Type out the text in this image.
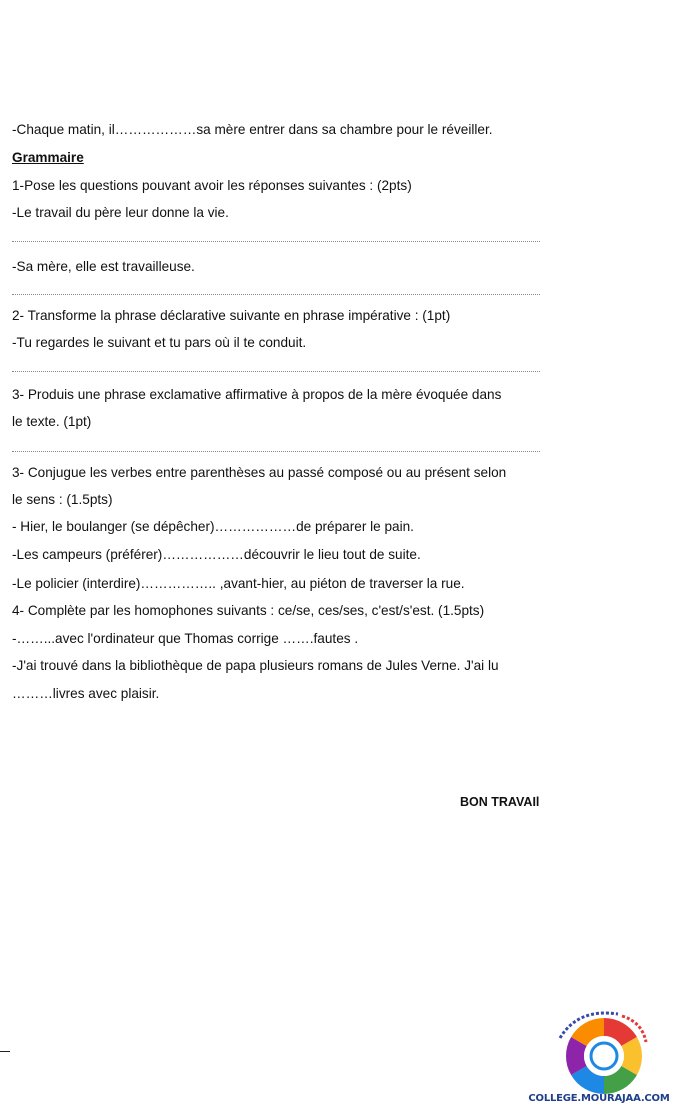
-Chaque matin, il………………sa mère entrer dans sa chambre pour le réveiller.
Grammaire
1-Pose les questions pouvant avoir les réponses suivantes : (2pts)
-Le travail du père leur donne la vie.
-Sa mère, elle est travailleuse.
2- Transforme la phrase déclarative suivante en phrase impérative : (1pt)
-Tu regardes le suivant et tu pars où il te conduit.
3- Produis une phrase exclamative affirmative à propos de la mère évoquée dans
le texte. (1pt)
3- Conjugue les verbes entre parenthèses au passé composé ou au présent selon
le sens : (1.5pts)
- Hier, le boulanger (se dépêcher)………………de préparer le pain.
-Les campeurs (préférer)………………découvrir le lieu tout de suite.
-Le policier (interdire)…………….. ,avant-hier, au piéton de traverser la rue.
4- Complète par les homophones suivants : ce/se, ces/ses, c'est/s'est. (1.5pts)
-……...avec l'ordinateur que Thomas corrige …….fautes .
-J'ai trouvé dans la bibliothèque de papa plusieurs romans de Jules Verne. J'ai lu
………livres avec plaisir.
BON TRAVAIl
COLLEGE.MOURAJAA.COM
